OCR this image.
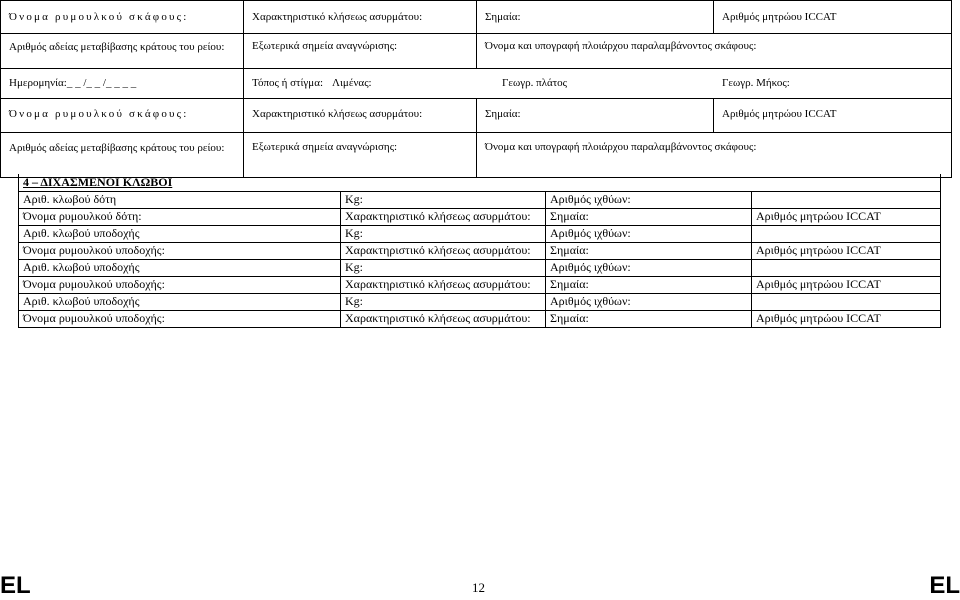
Όνομα ρυμουλκού σκάφους:	Χαρακτηριστικό κλήσεως ασυρμάτου:	Σημαία:	Αριθμός μητρώου ICCAT

Αριθμός αδείας μεταβίβασης κράτους του ρείου:	Εξωτερικά σημεία αναγνώρισης:	Όνομα και υπογραφή πλοιάρχου παραλαμβάνοντος σκάφους:	
Ημερομηνία:_ _ /_ _ /_ _ _ _	Τόπος ή στίγμα: Λιμένας: Γεωγρ. πλάτος Γεωγρ. Μήκος:		

Όνομα ρυμουλκού σκάφους:	Χαρακτηριστικό κλήσεως ασυρμάτου:	Σημαία:	Αριθμός μητρώου ICCAT

Αριθμός αδείας μεταβίβασης κράτους του ρείου:	Εξωτερικά σημεία αναγνώρισης:	Όνομα και υπογραφή πλοιάρχου παραλαμβάνοντος σκάφους:	
4 – ΔΙΧΑΣΜΕΝΟΙ ΚΛΩΒΟΙ			
Αριθ. κλωβού δότη	Kg:	Αριθμός ιχθύων:	
Όνομα ρυμουλκού δότη:	Χαρακτηριστικό κλήσεως ασυρμάτου:	Σημαία:	Αριθμός μητρώου ICCAT
Αριθ. κλωβού υποδοχής	Kg:	Αριθμός ιχθύων:	
Όνομα ρυμουλκού υποδοχής:	Χαρακτηριστικό κλήσεως ασυρμάτου:	Σημαία:	Αριθμός μητρώου ICCAT
Αριθ. κλωβού υποδοχής	Kg:	Αριθμός ιχθύων:	
Όνομα ρυμουλκού υποδοχής:	Χαρακτηριστικό κλήσεως ασυρμάτου:	Σημαία:	Αριθμός μητρώου ICCAT
Αριθ. κλωβού υποδοχής	Kg:	Αριθμός ιχθύων:	
Όνομα ρυμουλκού υποδοχής:	Χαρακτηριστικό κλήσεως ασυρμάτου:	Σημαία:	Αριθμός μητρώου ICCAT
12
EL	EL
